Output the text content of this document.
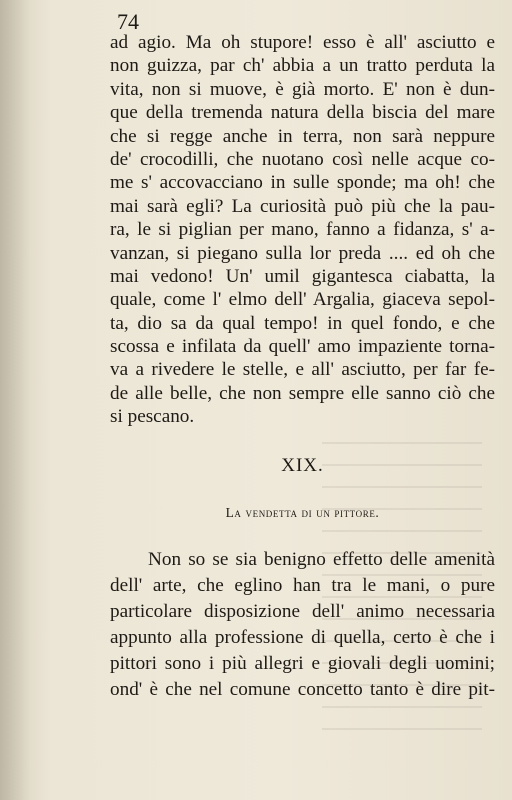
74
ad agio. Ma oh stupore! esso è all' asciutto e
non guizza, par ch' abbia a un tratto perduta la
vita, non si muove, è già morto. E' non è dun-
que della tremenda natura della biscia del mare
che si regge anche in terra, non sarà neppure
de' crocodilli, che nuotano così nelle acque co-
me s' accovacciano in sulle sponde; ma oh! che
mai sarà egli? La curiosità può più che la pau-
ra, le si piglian per mano, fanno a fidanza, s' a-
vanzan, si piegano sulla lor preda .... ed oh che
mai vedono! Un' umil gigantesca ciabatta, la
quale, come l' elmo dell' Argalia, giaceva sepol-
ta, dio sa da qual tempo! in quel fondo, e che
scossa e infilata da quell' amo impaziente torna-
va a rivedere le stelle, e all' asciutto, per far fe-
de alle belle, che non sempre elle sanno ciò che
si pescano.
XIX.
La vendetta di un pittore.
Non so se sia benigno effetto delle amenità
dell' arte, che eglino han tra le mani, o pure
particolare disposizione dell' animo necessaria
appunto alla professione di quella, certo è che i
pittori sono i più allegri e giovali degli uomini;
ond' è che nel comune concetto tanto è dire pit-
